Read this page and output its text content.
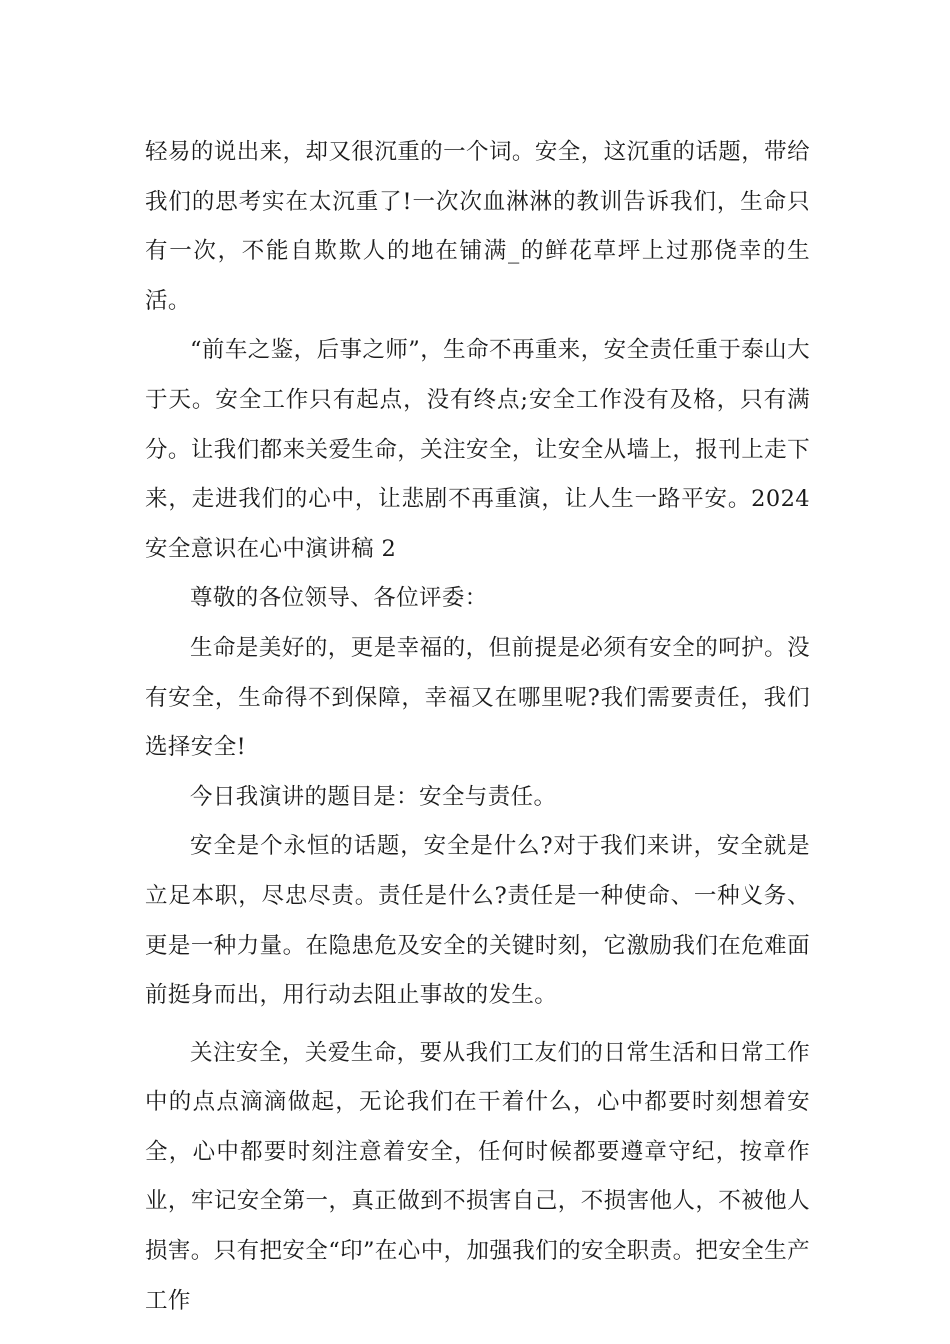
轻易的说出来，却又很沉重的一个词。安全，这沉重的话题，带给我们的思考实在太沉重了!一次次血淋淋的教训告诉我们，生命只有一次，不能自欺欺人的地在铺满_的鲜花草坪上过那侥幸的生活。

“前车之鉴，后事之师”，生命不再重来，安全责任重于泰山大于天。安全工作只有起点，没有终点;安全工作没有及格，只有满分。让我们都来关爱生命，关注安全，让安全从墙上，报刊上走下来，走进我们的心中，让悲剧不再重演，让人生一路平安。2024安全意识在心中演讲稿 2

尊敬的各位领导、各位评委：

生命是美好的，更是幸福的，但前提是必须有安全的呵护。没有安全，生命得不到保障，幸福又在哪里呢?我们需要责任，我们选择安全!

今日我演讲的题目是：安全与责任。

安全是个永恒的话题，安全是什么?对于我们来讲，安全就是立足本职，尽忠尽责。责任是什么?责任是一种使命、一种义务、更是一种力量。在隐患危及安全的关键时刻，它激励我们在危难面前挺身而出，用行动去阻止事故的发生。

关注安全，关爱生命，要从我们工友们的日常生活和日常工作中的点点滴滴做起，无论我们在干着什么，心中都要时刻想着安全，心中都要时刻注意着安全，任何时候都要遵章守纪，按章作业，牢记安全第一，真正做到不损害自己，不损害他人，不被他人损害。只有把安全“印”在心中，加强我们的安全职责。把安全生产工作
